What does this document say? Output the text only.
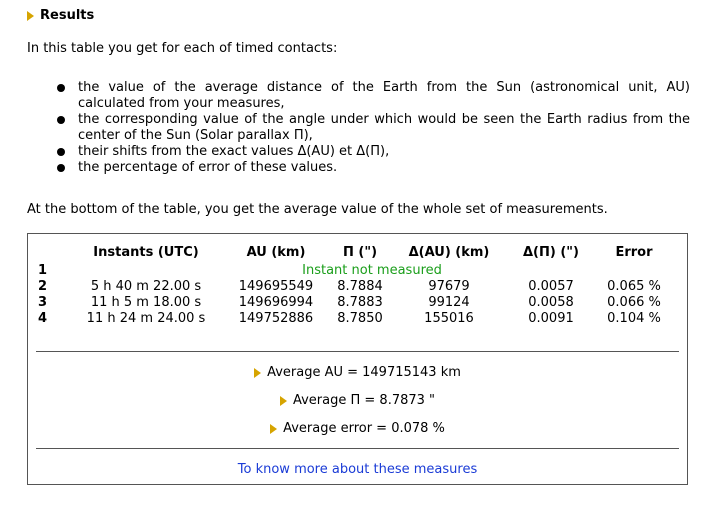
Results
In this table you get for each of timed contacts:
the value of the average distance of the Earth from the Sun (astronomical unit, AU) calculated from your measures,
the corresponding value of the angle under which would be seen the Earth radius from the center of the Sun (Solar parallax Π),
their shifts from the exact values Δ(AU) et Δ(Π),
the percentage of error of these values.
At the bottom of the table, you get the average value of the whole set of measurements.
	Instants (UTC)	AU (km)	Π (")	Δ(AU) (km)	Δ(Π) (")	Error
1	Instant not measured					
2	5 h 40 m 22.00 s	149695549	8.7884	97679	0.0057	0.065 %
3	11 h 5 m 18.00 s	149696994	8.7883	99124	0.0058	0.066 %
4	11 h 24 m 24.00 s	149752886	8.7850	155016	0.0091	0.104 %
Average AU = 149715143 km
Average Π = 8.7873 "
Average error = 0.078 %
To know more about these measures
